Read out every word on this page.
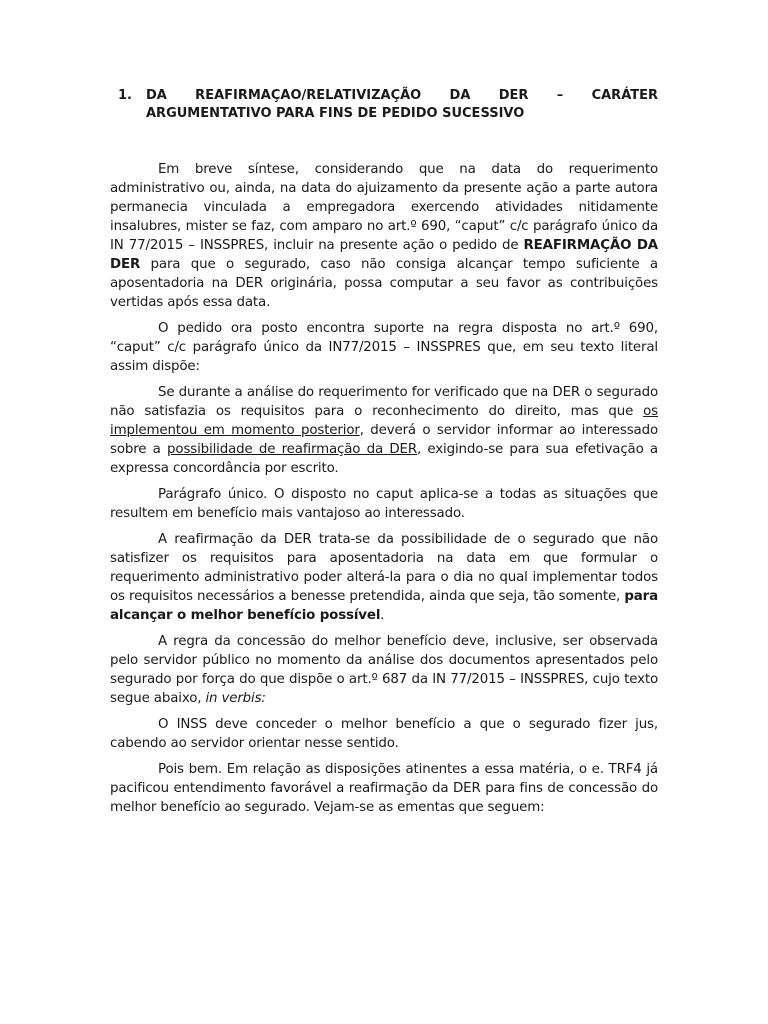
1. DA REAFIRMAÇAO/RELATIVIZAÇÃO DA DER – CARÁTER ARGUMENTATIVO PARA FINS DE PEDIDO SUCESSIVO

Em breve síntese, considerando que na data do requerimento administrativo ou, ainda, na data do ajuizamento da presente ação a parte autora permanecia vinculada a empregadora exercendo atividades nitidamente insalubres, mister se faz, com amparo no art.º 690, “caput” c/c parágrafo único da IN 77/2015 – INSSPRES, incluir na presente ação o pedido de REAFIRMAÇÃO DA DER para que o segurado, caso não consiga alcançar tempo suficiente a aposentadoria na DER originária, possa computar a seu favor as contribuições vertidas após essa data.

O pedido ora posto encontra suporte na regra disposta no art.º 690, “caput” c/c parágrafo único da IN77/2015 – INSSPRES que, em seu texto literal assim dispõe:

Se durante a análise do requerimento for verificado que na DER o segurado não satisfazia os requisitos para o reconhecimento do direito, mas que os implementou em momento posterior, deverá o servidor informar ao interessado sobre a possibilidade de reafirmação da DER, exigindo-se para sua efetivação a expressa concordância por escrito.

Parágrafo único. O disposto no caput aplica-se a todas as situações que resultem em benefício mais vantajoso ao interessado.

A reafirmação da DER trata-se da possibilidade de o segurado que não satisfizer os requisitos para aposentadoria na data em que formular o requerimento administrativo poder alterá-la para o dia no qual implementar todos os requisitos necessários a benesse pretendida, ainda que seja, tão somente, para alcançar o melhor benefício possível.

A regra da concessão do melhor benefício deve, inclusive, ser observada pelo servidor público no momento da análise dos documentos apresentados pelo segurado por força do que dispõe o art.º 687 da IN 77/2015 – INSSPRES, cujo texto segue abaixo, in verbis:

O INSS deve conceder o melhor benefício a que o segurado fizer jus, cabendo ao servidor orientar nesse sentido.

Pois bem. Em relação as disposições atinentes a essa matéria, o e. TRF4 já pacificou entendimento favorável a reafirmação da DER para fins de concessão do melhor benefício ao segurado. Vejam-se as ementas que seguem:
